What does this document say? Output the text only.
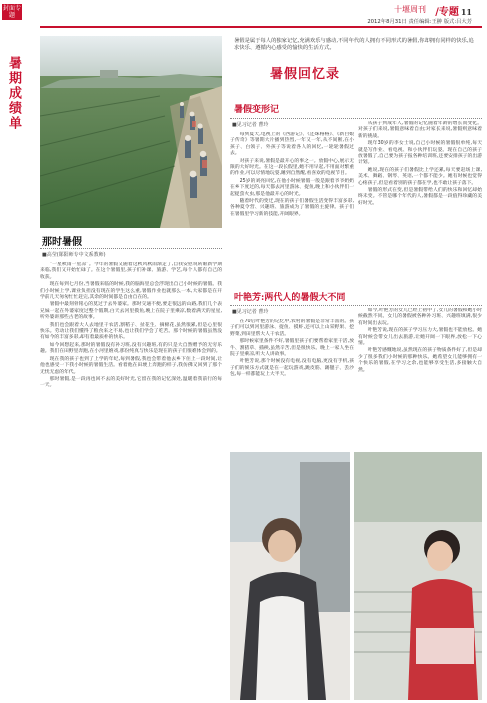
封面专题
暑期成绩单
十堰周刊 /专题 11
2012年8月31日 责任编辑:王翀 版式:吕大芳
那时暑假
■高莹(郧阳师专中文系教师)

“一星秋雨一星凉”。今年的暑假又随着这秋风秋雨渐走了,自我安慰说转眼新学期来临,我们又开始忙碌了。在这个暑假里,孩子们补课、旅游、学艺,每个人都有自己的收获。

现在每到七月份,当暑假来临的时候,我的脑海里总会浮现出自己小时候的暑假。我们小时候上学,课业负担没有现在的学生这么重,暑假作业也就那么一本,大家都是在开学前几天匆匆忙忙赶完,其余的时间都是自由自在的。

暑假中最刻骨铭心的莫过于去外婆家。那时交通不便,要走很远的山路,我们几个表兄妹一起在外婆家度过整个假期,白天去河里摸鱼,晚上在院子里乘凉,数着满天的星星,听外婆讲那些古老的故事。

我们也会跟着大人去地里干农活,割稻子、扯花生、摘棉花,虽然很累,但是心里很快乐。劳动让我们懂得了粮食来之不易,也让我们学会了吃苦。那个时候的暑假虽然没有如今的丰富多彩,却有着最质朴的快乐。

如今回想起来,那时的暑假没有补习班,没有兴趣班,有的只是大自然赠予的无穷乐趣。我们在田野里奔跑,在小河里嬉戏,那份纯真与快乐是现在的孩子们很难体会到的。

现在我的孩子也到了上学的年纪,每到暑假,我也会带着他去乡下住上一段时间,让他也感受一下我小时候的暑假生活。看着他在田埂上奔跑的样子,我仿佛又回到了那个无忧无虑的年代。

那时暑假,是一段再也回不去的美好时光,它留在我的记忆深处,温暖着我前行的每一天。

暑假是属于每人的独家记忆,充满欢乐与感动,不同年代的人拥有不同形式的暑假,你却拥有同样的快乐,追求快乐、遵循内心感受的愉快的生活方式。
暑假回忆录
暑假变形记
■见习记者 曹玲

每到夏天,电视上的《西游记》、《还珠格格》、《新白娘子传奇》等暑期大片播到热烈,一年又一年,从不间断,在小孩子、白领子、外孩子等说着各人的回忆,一轮轮暑假过去。

对孩子来说,暑假是最开心的事之一。放假中心,展示无限的大好时光。在这一段长假里,她不用早起,不用面对繁重的作业,可以尽情地玩耍,睡到自然醒,看喜欢的电视节目。

25岁的刘亮回忆,在他小时候暑假一般是跟着爷爷奶奶在乡下度过的,每天都去河里游泳、捉鱼,晚上和小伙伴们一起捉萤火虫,那是他最开心的时光。

随着时代的变迁,现在的孩子们暑假生活变得丰富多彩,各种夏令营、兴趣班、旅游成为了暑假的主旋律。孩子们在暑假里学习新的技能,开阔眼界。

从孩子到成年人,暑假的记忆随着年龄的增长而变化。对孩子们来说,暑假意味着自由;对家长来说,暑假则意味着新的挑战。

现年30岁的李女士说,自己小时候的暑假很单纯,每天就是写作业、看电视、和小伙伴们玩耍。现在自己的孩子放暑假了,自己要为孩子报各种培训班,还要安排孩子的出游计划。

她说,现在的孩子们暑假比上学还累,每天要赶场上课,美术、舞蹈、钢琴、英语,一个都不能少。她有时候也觉得心疼孩子,但是看着别的孩子都在学,也不敢让孩子落下。

暑假的形式在变,但是暑假带给人们的快乐和回忆却始终未变。不管是哪个年代的人,暑假都是一段值得珍藏的美好时光。

叶艳芳:两代人的暑假大不同
■见习记者 曹玲

在70后叶艳芳的记忆中,农村的暑假是非常丰富的。孩子们可以到河里游泳、捉鱼、摸虾,还可以上山采野果、挖野菜,到田里帮大人干农活。

那时候家里条件不好,暑假里孩子们要帮着家里干活,放牛、割猪草、插秧,虽然辛苦,但是很快乐。晚上一家人坐在院子里乘凉,听大人讲故事。

叶艳芳说,那个时候没有电视,没有电脑,更没有手机,孩子们的娱乐方式就是在一起玩游戏,跳皮筋、踢毽子、丢沙包,每一样都能玩上大半天。

如今,叶艳芳的女儿已经上初中了,女儿的暑假和她小时候截然不同。女儿的暑假被各种补习班、兴趣班填满,很少有时间出去玩。

叶艳芳说,现在的孩子学习压力大,暑假也不能放松。她有时候会带女儿出去旅游,让她开阔一下眼界,放松一下心情。

叶艳芳感慨地说,虽然现在的孩子物质条件好了,但是却少了很多我们小时候的那种快乐。她希望女儿能够拥有一个快乐的暑假,在学习之余,也能够享受生活,多接触大自然。
